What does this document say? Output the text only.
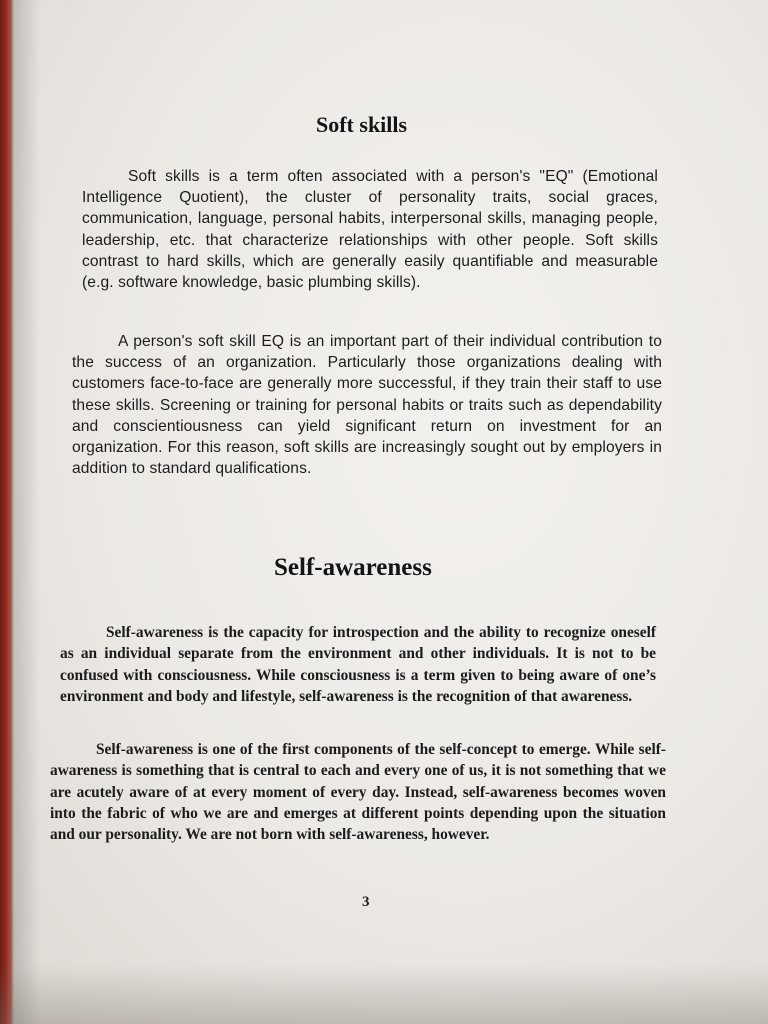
Soft skills

Soft skills is a term often associated with a person's "EQ" (Emotional Intelligence Quotient), the cluster of personality traits, social graces, communication, language, personal habits, interpersonal skills, managing people, leadership, etc. that characterize relationships with other people. Soft skills contrast to hard skills, which are generally easily quantifiable and measurable (e.g. software knowledge, basic plumbing skills).

A person's soft skill EQ is an important part of their individual contribution to the success of an organization. Particularly those organizations dealing with customers face-to-face are generally more successful, if they train their staff to use these skills. Screening or training for personal habits or traits such as dependability and conscientiousness can yield significant return on investment for an organization. For this reason, soft skills are increasingly sought out by employers in addition to standard qualifications.

Self-awareness

Self-awareness is the capacity for introspection and the ability to recognize oneself as an individual separate from the environment and other individuals. It is not to be confused with consciousness. While consciousness is a term given to being aware of one’s environment and body and lifestyle, self-awareness is the recognition of that awareness.

Self-awareness is one of the first components of the self-concept to emerge. While self-awareness is something that is central to each and every one of us, it is not something that we are acutely aware of at every moment of every day. Instead, self-awareness becomes woven into the fabric of who we are and emerges at different points depending upon the situation and our personality. We are not born with self-awareness, however.

3
